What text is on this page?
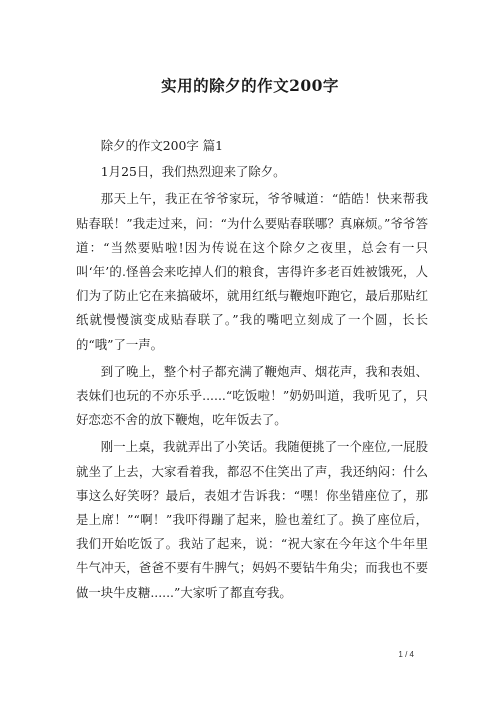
实用的除夕的作文200字

除夕的作文200字 篇1

1月25日，我们热烈迎来了除夕。

那天上午，我正在爷爷家玩，爷爷喊道：“皓皓！快来帮我贴春联！”我走过来，问：“为什么要贴春联哪？真麻烦。”爷爷答道：“当然要贴啦!因为传说在这个除夕之夜里，总会有一只叫‘年’的.怪兽会来吃掉人们的粮食，害得许多老百姓被饿死，人们为了防止它在来搞破坏，就用红纸与鞭炮吓跑它，最后那贴红纸就慢慢演变成贴春联了。”我的嘴吧立刻成了一个圆，长长的“哦”了一声。

到了晚上，整个村子都充满了鞭炮声、烟花声，我和表姐、表妹们也玩的不亦乐乎......“吃饭啦！”奶奶叫道，我听见了，只好恋恋不舍的放下鞭炮，吃年饭去了。

刚一上桌，我就弄出了小笑话。我随便挑了一个座位,一屁股就坐了上去，大家看着我，都忍不住笑出了声，我还纳闷：什么事这么好笑呀？最后，表姐才告诉我：“嘿！你坐错座位了，那是上席！”“啊！”我吓得蹦了起来，脸也羞红了。换了座位后，我们开始吃饭了。我站了起来，说：“祝大家在今年这个牛年里牛气冲天，爸爸不要有牛脾气；妈妈不要钻牛角尖；而我也不要做一块牛皮糖......”大家听了都直夸我。

1 / 4
